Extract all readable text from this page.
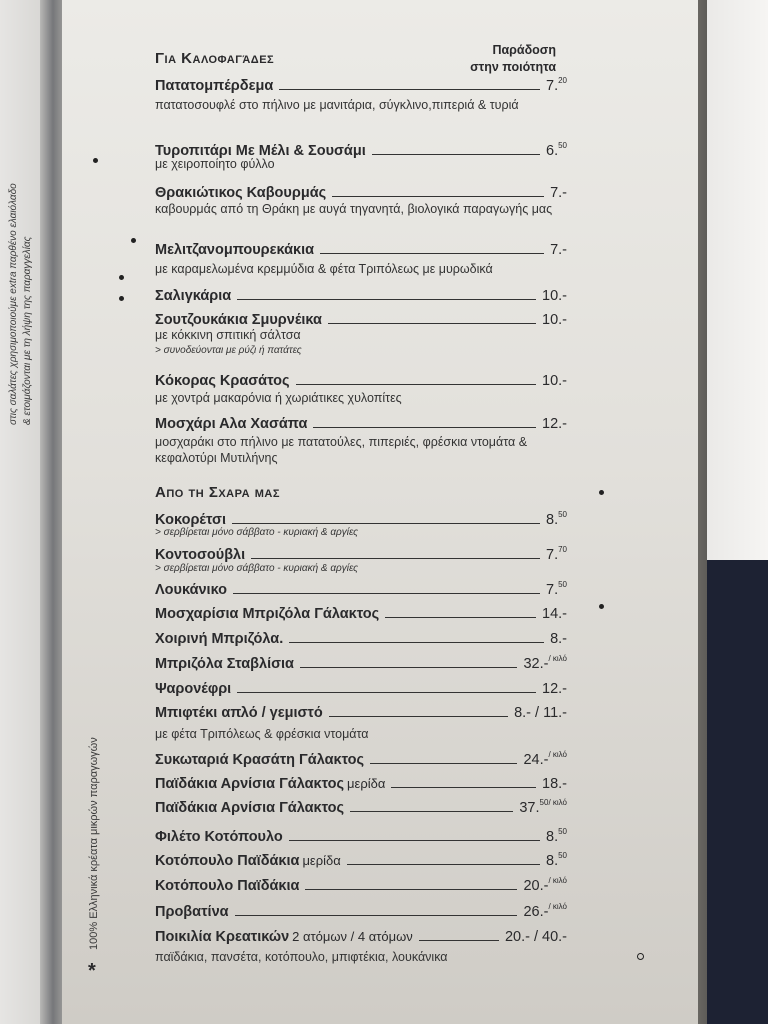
στις σαλάτες χρησιμοποιούμε extra παρθένο ελαιόλαδο & ετοιμάζονται με τη λήψη της παραγγελίας
100% Ελληνικά κρέατα μικρών παραγωγών
*
Για Καλοφαγάδες	Παράδοση
στην ποιότητα
Απο τη Σχαρα μας
Πατατομπέρδεμα	7.20
πατατοσουφλέ στο πήλινο με μανιτάρια, σύγκλινο,πιπεριά & τυριά
Τυροπιτάρι Με Μέλι & Σουσάμι	6.50
με χειροποίητο φύλλο
Θρακιώτικος Καβουρμάς	7.-
καβουρμάς από τη Θράκη με αυγά τηγανητά, βιολογικά παραγωγής μας
Μελιτζανομπουρεκάκια	7.-
με καραμελωμένα κρεμμύδια & φέτα Τριπόλεως με μυρωδικά
Σαλιγκάρια	10.-
Σουτζουκάκια Σμυρνέικα	10.-
με κόκκινη σπιτική σάλτσα
> συνοδεύονται με ρύζι ή πατάτες
Κόκορας Κρασάτος	10.-
με χοντρά μακαρόνια ή χωριάτικες χυλοπίτες
Μοσχάρι Αλα Χασάπα	12.-
μοσχαράκι στο πήλινο με πατατούλες, πιπεριές, φρέσκια ντομάτα & κεφαλοτύρι Μυτιλήνης
Κοκορέτσι	8.50
> σερβίρεται μόνο σάββατο - κυριακή & αργίες
Κοντοσούβλι	7.70
> σερβίρεται μόνο σάββατο - κυριακή & αργίες
Λουκάνικο	7.50
Μοσχαρίσια Μπριζόλα Γάλακτος	14.-
Χοιρινή Μπριζόλα.	8.-
Μπριζόλα Σταβλίσια	32.-$^{/ \kappa\iota\lambda ό}$
Ψαρονέφρι	12.-
Μπιφτέκι απλό / γεμιστό	8.- / 11.-
με φέτα Τριπόλεως & φρέσκια ντομάτα
Συκωταριά Κρασάτη Γάλακτος	24.-$^{/ \kappa\iota\lambda ό}$
Παϊδάκια Αρνίσια Γάλακτος μερίδα	18.-
Παϊδάκια Αρνίσια Γάλακτος	37.$^{50/ \kappa\iota\lambda ό}$
Φιλέτο Κοτόπουλο	8.50
Κοτόπουλο Παϊδάκια μερίδα	8.50
Κοτόπουλο Παϊδάκια	20.-$^{/ \kappa\iota\lambda ό}$
Προβατίνα	26.-$^{/ \kappa\iota\lambda ό}$
Ποικιλία Κρεατικών 2 ατόμων / 4 ατόμων	20.- / 40.-
παϊδάκια, πανσέτα, κοτόπουλο, μπιφτέκια, λουκάνικα
